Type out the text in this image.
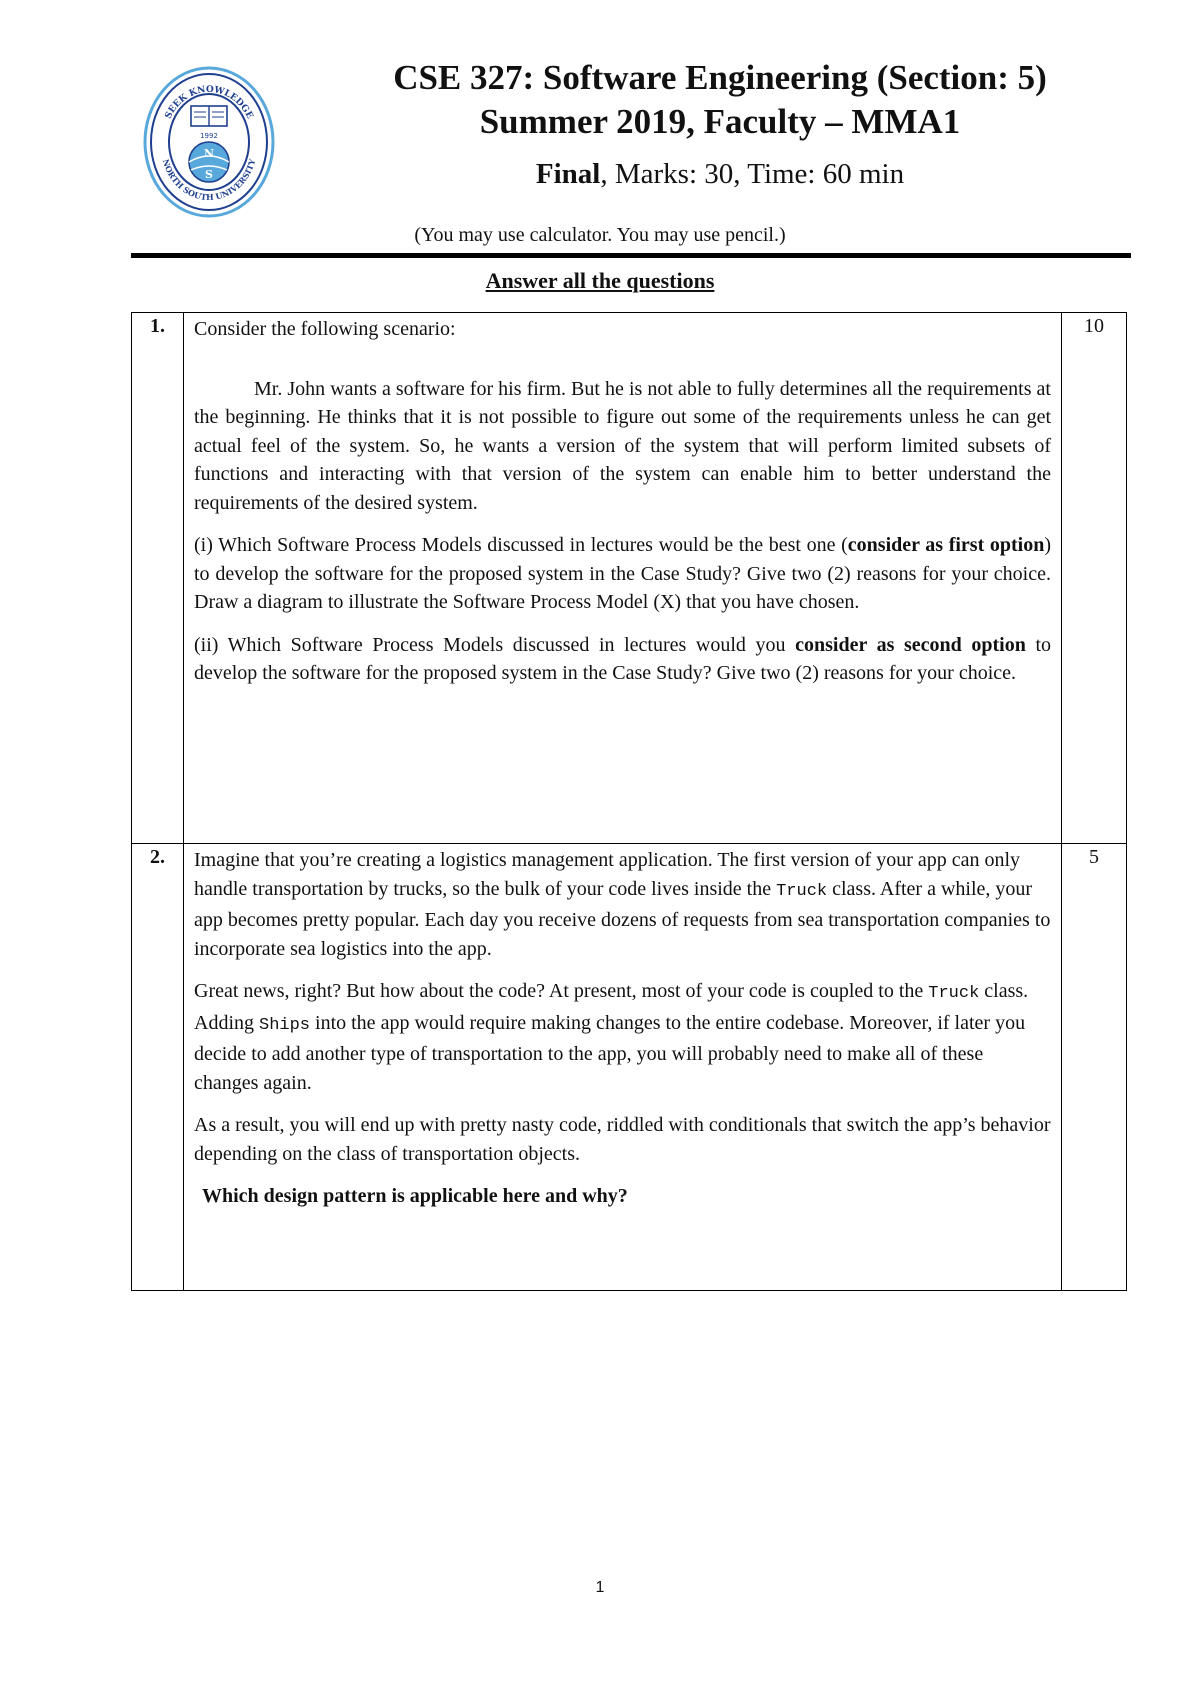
SEEK KNOWLEDGE
NORTH SOUTH UNIVERSITY
1992
N
S
CSE 327: Software Engineering (Section: 5)
Summer 2019, Faculty – MMA1
Final, Marks: 30, Time: 60 min
(You may use calculator. You may use pencil.)
Answer all the questions
1.	Consider the following scenario:
Mr. John wants a software for his firm. But he is not able to fully determines all the requirements at the beginning. He thinks that it is not possible to figure out some of the requirements unless he can get actual feel of the system. So, he wants a version of the system that will perform limited subsets of functions and interacting with that version of the system can enable him to better understand the requirements of the desired system.
(i) Which Software Process Models discussed in lectures would be the best one (consider as first option) to develop the software for the proposed system in the Case Study? Give two (2) reasons for your choice. Draw a diagram to illustrate the Software Process Model (X) that you have chosen.
(ii) Which Software Process Models discussed in lectures would you consider as second option to develop the software for the proposed system in the Case Study? Give two (2) reasons for your choice.	10
2.	Imagine that you’re creating a logistics management application. The first version of your app can only handle transportation by trucks, so the bulk of your code lives inside the Truck class. After a while, your app becomes pretty popular. Each day you receive dozens of requests from sea transportation companies to incorporate sea logistics into the app.
Great news, right? But how about the code? At present, most of your code is coupled to the Truck class. Adding Ships into the app would require making changes to the entire codebase. Moreover, if later you decide to add another type of transportation to the app, you will probably need to make all of these changes again.
As a result, you will end up with pretty nasty code, riddled with conditionals that switch the app’s behavior depending on the class of transportation objects.
Which design pattern is applicable here and why?	5
1
